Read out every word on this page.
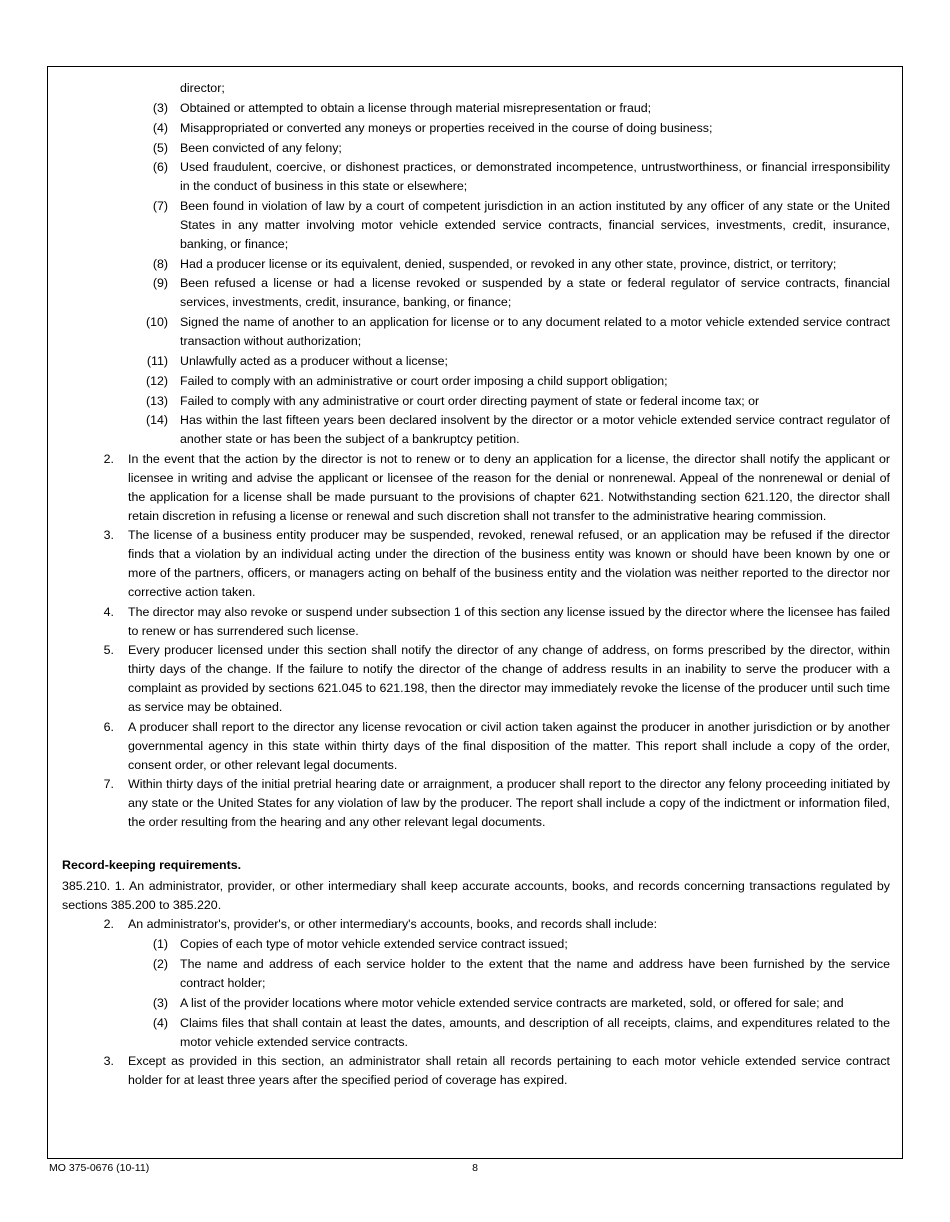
director;
(3) Obtained or attempted to obtain a license through material misrepresentation or fraud;
(4) Misappropriated or converted any moneys or properties received in the course of doing business;
(5) Been convicted of any felony;
(6) Used fraudulent, coercive, or dishonest practices, or demonstrated incompetence, untrustworthiness, or financial irresponsibility in the conduct of business in this state or elsewhere;
(7) Been found in violation of law by a court of competent jurisdiction in an action instituted by any officer of any state or the United States in any matter involving motor vehicle extended service contracts, financial services, investments, credit, insurance, banking, or finance;
(8) Had a producer license or its equivalent, denied, suspended, or revoked in any other state, province, district, or territory;
(9) Been refused a license or had a license revoked or suspended by a state or federal regulator of service contracts, financial services, investments, credit, insurance, banking, or finance;
(10) Signed the name of another to an application for license or to any document related to a motor vehicle extended service contract transaction without authorization;
(11) Unlawfully acted as a producer without a license;
(12) Failed to comply with an administrative or court order imposing a child support obligation;
(13) Failed to comply with any administrative or court order directing payment of state or federal income tax; or
(14) Has within the last fifteen years been declared insolvent by the director or a motor vehicle extended service contract regulator of another state or has been the subject of a bankruptcy petition.
2. In the event that the action by the director is not to renew or to deny an application for a license, the director shall notify the applicant or licensee in writing and advise the applicant or licensee of the reason for the denial or nonrenewal. Appeal of the nonrenewal or denial of the application for a license shall be made pursuant to the provisions of chapter 621. Notwithstanding section 621.120, the director shall retain discretion in refusing a license or renewal and such discretion shall not transfer to the administrative hearing commission.
3. The license of a business entity producer may be suspended, revoked, renewal refused, or an application may be refused if the director finds that a violation by an individual acting under the direction of the business entity was known or should have been known by one or more of the partners, officers, or managers acting on behalf of the business entity and the violation was neither reported to the director nor corrective action taken.
4. The director may also revoke or suspend under subsection 1 of this section any license issued by the director where the licensee has failed to renew or has surrendered such license.
5. Every producer licensed under this section shall notify the director of any change of address, on forms prescribed by the director, within thirty days of the change. If the failure to notify the director of the change of address results in an inability to serve the producer with a complaint as provided by sections 621.045 to 621.198, then the director may immediately revoke the license of the producer until such time as service may be obtained.
6. A producer shall report to the director any license revocation or civil action taken against the producer in another jurisdiction or by another governmental agency in this state within thirty days of the final disposition of the matter. This report shall include a copy of the order, consent order, or other relevant legal documents.
7. Within thirty days of the initial pretrial hearing date or arraignment, a producer shall report to the director any felony proceeding initiated by any state or the United States for any violation of law by the producer. The report shall include a copy of the indictment or information filed, the order resulting from the hearing and any other relevant legal documents.
Record-keeping requirements.
385.210. 1. An administrator, provider, or other intermediary shall keep accurate accounts, books, and records concerning transactions regulated by sections 385.200 to 385.220.
2. An administrator's, provider's, or other intermediary's accounts, books, and records shall include:
(1) Copies of each type of motor vehicle extended service contract issued;
(2) The name and address of each service holder to the extent that the name and address have been furnished by the service contract holder;
(3) A list of the provider locations where motor vehicle extended service contracts are marketed, sold, or offered for sale; and
(4) Claims files that shall contain at least the dates, amounts, and description of all receipts, claims, and expenditures related to the motor vehicle extended service contracts.
3. Except as provided in this section, an administrator shall retain all records pertaining to each motor vehicle extended service contract holder for at least three years after the specified period of coverage has expired.
MO 375-0676 (10-11)	8
